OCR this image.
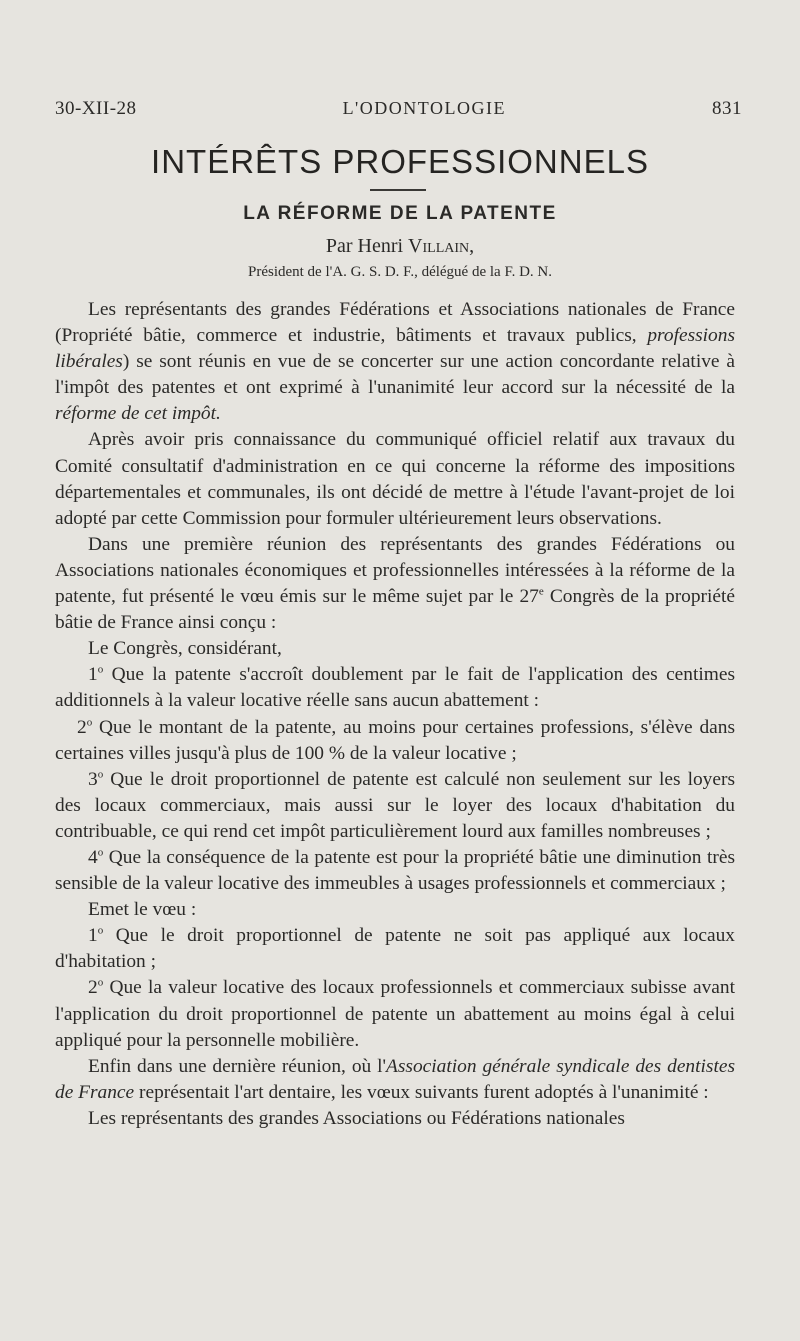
30-XII-28	L'ODONTOLOGIE	831
INTÉRÊTS PROFESSIONNELS
LA RÉFORME DE LA PATENTE
Par Henri Villain,
Président de l'A. G. S. D. F., délégué de la F. D. N.

Les représentants des grandes Fédérations et Associations nationales de France (Propriété bâtie, commerce et industrie, bâtiments et travaux publics, professions libérales) se sont réunis en vue de se concerter sur une action concordante relative à l'impôt des patentes et ont exprimé à l'unanimité leur accord sur la nécessité de la réforme de cet impôt.

Après avoir pris connaissance du communiqué officiel relatif aux travaux du Comité consultatif d'administration en ce qui concerne la réforme des impositions départementales et communales, ils ont décidé de mettre à l'étude l'avant-projet de loi adopté par cette Commission pour formuler ultérieurement leurs observations.

Dans une première réunion des représentants des grandes Fédérations ou Associations nationales économiques et professionnelles intéressées à la réforme de la patente, fut présenté le vœu émis sur le même sujet par le 27e Congrès de la propriété bâtie de France ainsi conçu :

Le Congrès, considérant,

1$^o$ Que la patente s'accroît doublement par le fait de l'application des centimes additionnels à la valeur locative réelle sans aucun abattement :

2$^o$ Que le montant de la patente, au moins pour certaines professions, s'élève dans certaines villes jusqu'à plus de 100 % de la valeur locative ;

3$^o$ Que le droit proportionnel de patente est calculé non seulement sur les loyers des locaux commerciaux, mais aussi sur le loyer des locaux d'habitation du contribuable, ce qui rend cet impôt particulièrement lourd aux familles nombreuses ;

4$^o$ Que la conséquence de la patente est pour la propriété bâtie une diminution très sensible de la valeur locative des immeubles à usages professionnels et commerciaux ;

Emet le vœu :

1$^o$ Que le droit proportionnel de patente ne soit pas appliqué aux locaux d'habitation ;

2$^o$ Que la valeur locative des locaux professionnels et commerciaux subisse avant l'application du droit proportionnel de patente un abattement au moins égal à celui appliqué pour la personnelle mobilière.

Enfin dans une dernière réunion, où l'Association générale syndicale des dentistes de France représentait l'art dentaire, les vœux suivants furent adoptés à l'unanimité :

Les représentants des grandes Associations ou Fédérations nationales
